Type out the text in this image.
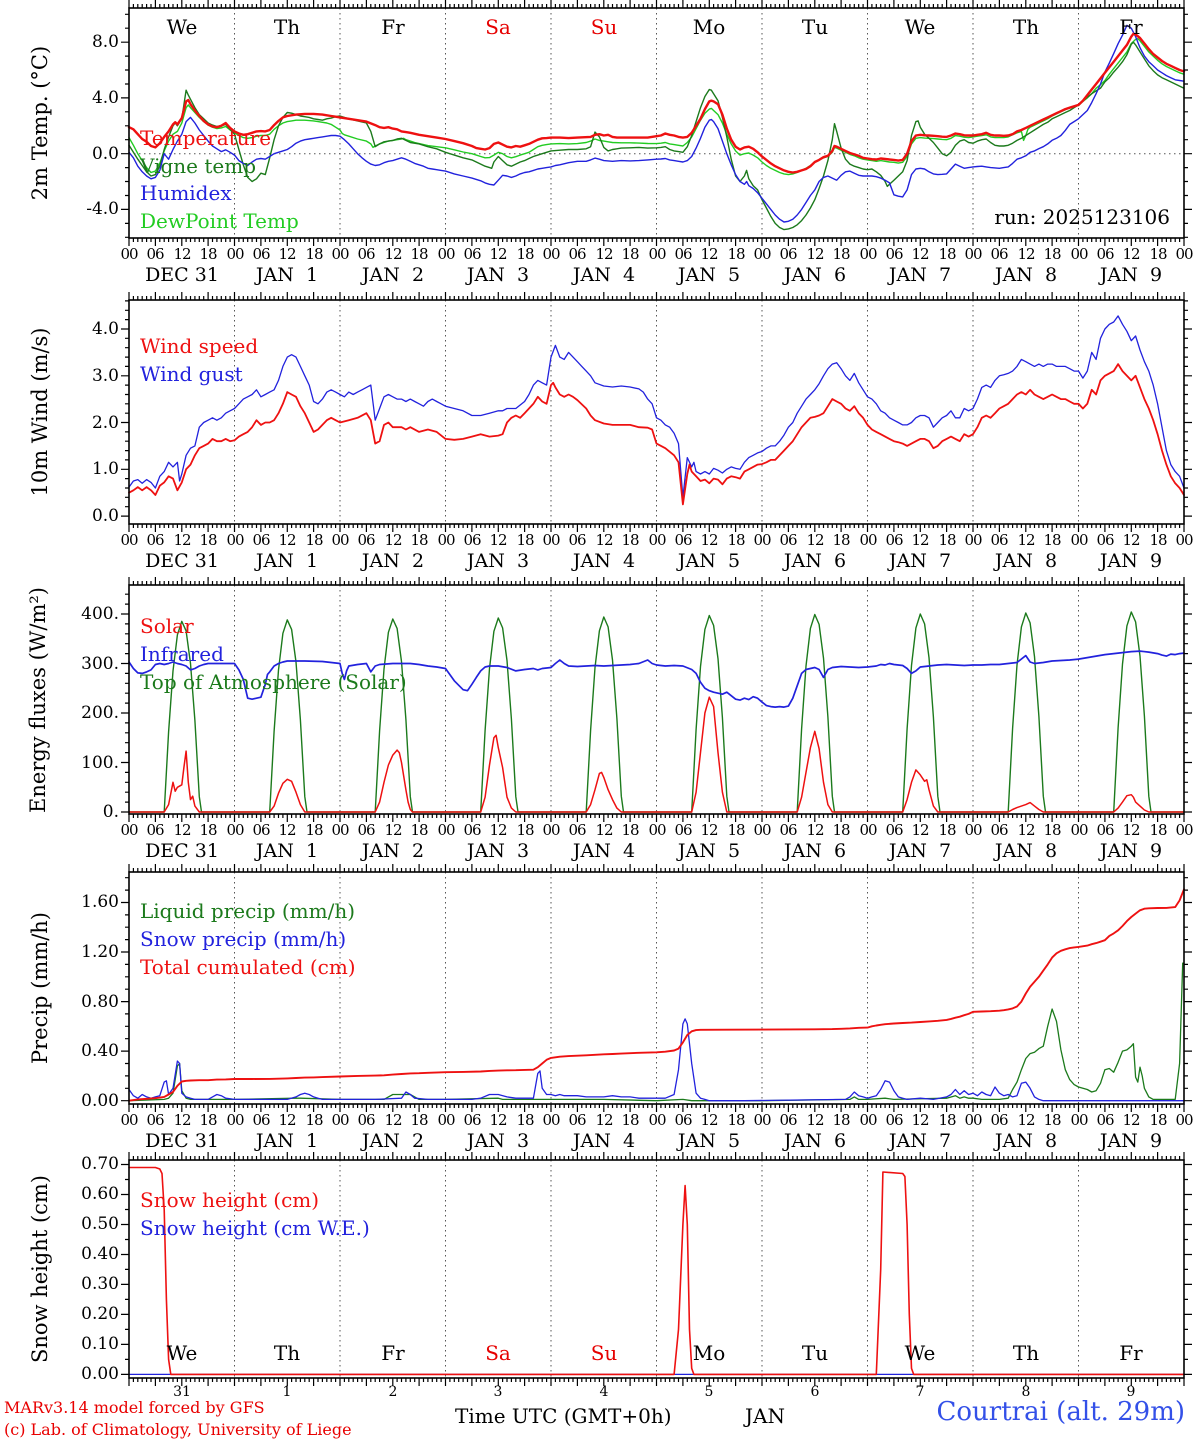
2m Temp. (°C)
10m Wind (m/s)
Energy fluxes (W/m²)
Precip (mm/h)
Snow height (cm)
run: 2025123106
MARv3.14 model forced by GFS
(c) Lab. of Climatology, University of Liege
Time UTC (GMT+0h)	JAN	Courtrai (alt. 29m)
8.0
4.0
0.0
-4.0
00 06 12 18 00 06 12 18 00 06 12 18 00 06 12 18 00 06 12 18 00 06 12 18 00 06 12 18 00 06 12 18 00 06 12 18 00 06 12 18 00
DEC 31 JAN  1 JAN  2 JAN  3 JAN  4 JAN  5 JAN  6 JAN  7 JAN  8 JAN  9
We	Th	Fr	Sa	Su	Mo	Tu	We	Th	Fr
Temperature
Vigne temp
Humidex
DewPoint Temp
4.0
3.0
2.0
1.0
0.0
00 06 12 18 00 06 12 18 00 06 12 18 00 06 12 18 00 06 12 18 00 06 12 18 00 06 12 18 00 06 12 18 00 06 12 18 00 06 12 18 00
DEC 31 JAN  1 JAN  2 JAN  3 JAN  4 JAN  5 JAN  6 JAN  7 JAN  8 JAN  9
Wind speed
Wind gust
400.
300.
200.
100.
0.
00 06 12 18 00 06 12 18 00 06 12 18 00 06 12 18 00 06 12 18 00 06 12 18 00 06 12 18 00 06 12 18 00 06 12 18 00 06 12 18 00
DEC 31 JAN  1 JAN  2 JAN  3 JAN  4 JAN  5 JAN  6 JAN  7 JAN  8 JAN  9
Solar
Infrared
Top of Atmosphere (Solar)
1.60
1.20
0.80
0.40
0.00
00 06 12 18 00 06 12 18 00 06 12 18 00 06 12 18 00 06 12 18 00 06 12 18 00 06 12 18 00 06 12 18 00 06 12 18 00 06 12 18 00
DEC 31 JAN  1 JAN  2 JAN  3 JAN  4 JAN  5 JAN  6 JAN  7 JAN  8 JAN  9
Liquid precip (mm/h)
Snow precip (mm/h)
Total cumulated (cm)
0.70
0.60
0.50
0.40
0.30
0.20
0.10
0.00
31	1	2	3	4	5	6	7	8	9
We	Th	Fr	Sa	Su	Mo	Tu	We	Th	Fr
Snow height (cm)
Snow height (cm W.E.)
